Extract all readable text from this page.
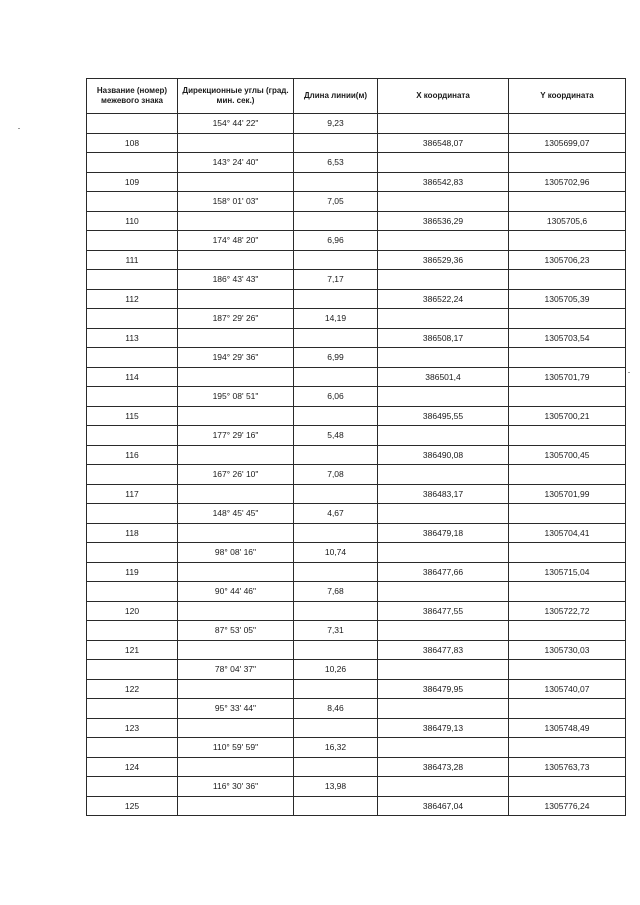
Название (номер) межевого знака	Дирекционные углы (град. мин. сек.)	Длина линии(м)	X координата	Y координата
	154° 44' 22"	9,23		
108			386548,07	1305699,07
	143° 24' 40"	6,53		
109			386542,83	1305702,96
	158° 01' 03"	7,05		
110			386536,29	1305705,6
	174° 48' 20"	6,96		
111			386529,36	1305706,23
	186° 43' 43"	7,17		
112			386522,24	1305705,39
	187° 29' 26"	14,19		
113			386508,17	1305703,54
	194° 29' 36"	6,99		
114			386501,4	1305701,79
	195° 08' 51"	6,06		
115			386495,55	1305700,21
	177° 29' 16"	5,48		
116			386490,08	1305700,45
	167° 26' 10"	7,08		
117			386483,17	1305701,99
	148° 45' 45"	4,67		
118			386479,18	1305704,41
	98° 08' 16"	10,74		
119			386477,66	1305715,04
	90° 44' 46"	7,68		
120			386477,55	1305722,72
	87° 53' 05"	7,31		
121			386477,83	1305730,03
	78° 04' 37"	10,26		
122			386479,95	1305740,07
	95° 33' 44"	8,46		
123			386479,13	1305748,49
	110° 59' 59"	16,32		
124			386473,28	1305763,73
	116° 30' 36"	13,98		
125			386467,04	1305776,24
